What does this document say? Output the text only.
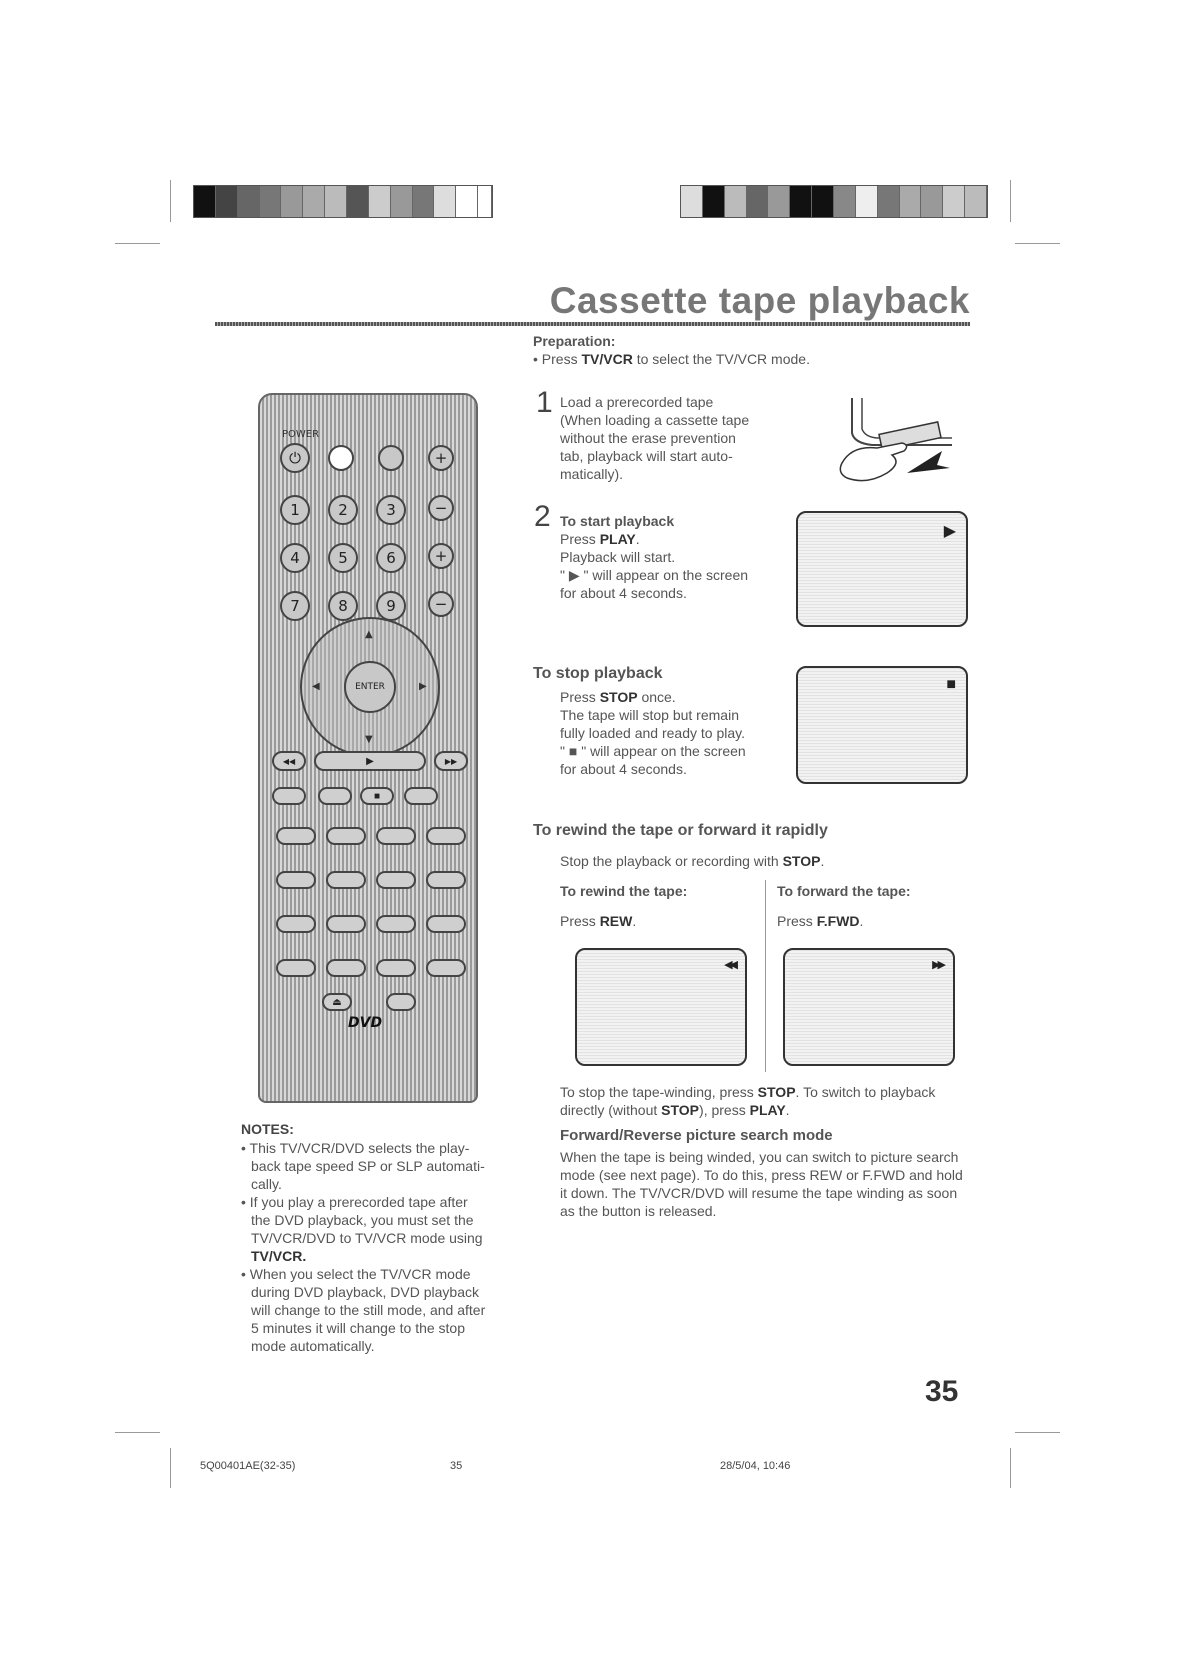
Cassette tape playback
Preparation:
• Press TV/VCR to select the TV/VCR mode.
1 Load a prerecorded tape
(When loading a cassette tape
without the erase prevention
tab, playback will start auto-
matically).
2 To start playback
Press PLAY.
Playback will start.
" ▶ " will appear on the screen
for about 4 seconds.
▶
To stop playback
Press STOP once.
The tape will stop but remain
fully loaded and ready to play.
" ■ " will appear on the screen
for about 4 seconds.
■
To rewind the tape or forward it rapidly
Stop the playback or recording with STOP.
To rewind the tape:
Press REW.
To forward the tape:
Press F.FWD.
◀◀	▶▶
To stop the tape-winding, press STOP. To switch to playback
directly (without STOP), press PLAY.
Forward/Reverse picture search mode
When the tape is being winded, you can switch to picture search
mode (see next page). To do this, press REW or F.FWD and hold
it down. The TV/VCR/DVD will resume the tape winding as soon
as the button is released.
POWER
⏻	+
1	2	3	−
4	5	6	+
7	8	9	−
ENTER
▲
▼
◀	▶
◀◀	▶	▶▶
■
⏏
DVD
NOTES:
• This TV/VCR/DVD selects the play-
back tape speed SP or SLP automati-
cally.
• If you play a prerecorded tape after
the DVD playback, you must set the
TV/VCR/DVD to TV/VCR mode using
TV/VCR.
• When you select the TV/VCR mode
during DVD playback, DVD playback
will change to the still mode, and after
5 minutes it will change to the stop
mode automatically.
35
5Q00401AE(32-35)	35	28/5/04, 10:46
